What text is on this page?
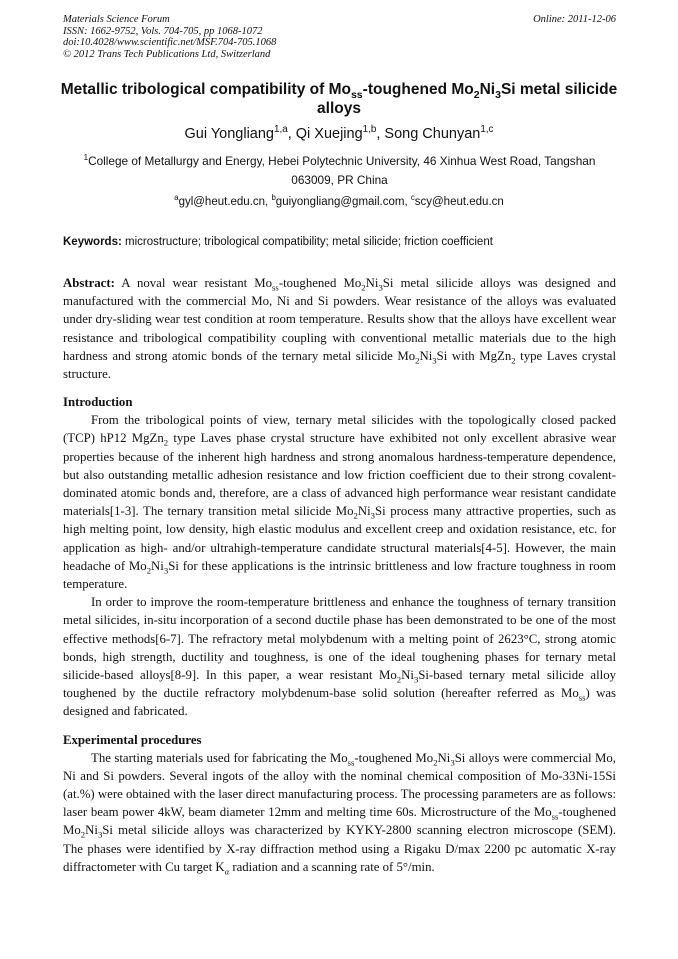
Materials Science Forum
ISSN: 1662-9752, Vols. 704-705, pp 1068-1072
doi:10.4028/www.scientific.net/MSF.704-705.1068
© 2012 Trans Tech Publications Ltd, Switzerland
Online: 2011-12-06
Metallic tribological compatibility of $Mo_{ss}$-toughened $Mo_2Ni_3Si$ metal silicide alloys
Gui Yongliang$^{1,a}$, Qi Xuejing$^{1,b}$, Song Chunyan$^{1,c}$
$^1$College of Metallurgy and Energy, Hebei Polytechnic University, 46 Xinhua West Road, Tangshan 063009, PR China
$^a$gyl@heut.edu.cn, $^b$guiyongliang@gmail.com, $^c$scy@heut.edu.cn
Keywords: microstructure; tribological compatibility; metal silicide; friction coefficient

Abstract: A noval wear resistant $Mo_{ss}$-toughened $Mo_2Ni_3Si$ metal silicide alloys was designed and manufactured with the commercial Mo, Ni and Si powders. Wear resistance of the alloys was evaluated under dry-sliding wear test condition at room temperature. Results show that the alloys have excellent wear resistance and tribological compatibility coupling with conventional metallic materials due to the high hardness and strong atomic bonds of the ternary metal silicide $Mo_2Ni_3Si$ with MgZn$_2$ type Laves crystal structure.

Introduction

From the tribological points of view, ternary metal silicides with the topologically closed packed (TCP) hP12 MgZn$_2$ type Laves phase crystal structure have exhibited not only excellent abrasive wear properties because of the inherent high hardness and strong anomalous hardness-temperature dependence, but also outstanding metallic adhesion resistance and low friction coefficient due to their strong covalent-dominated atomic bonds and, therefore, are a class of advanced high performance wear resistant candidate materials[1-3]. The ternary transition metal silicide $Mo_2Ni_3Si$ process many attractive properties, such as high melting point, low density, high elastic modulus and excellent creep and oxidation resistance, etc. for application as high- and/or ultrahigh-temperature candidate structural materials[4-5]. However, the main headache of $Mo_2Ni_3Si$ for these applications is the intrinsic brittleness and low fracture toughness in room temperature.

In order to improve the room-temperature brittleness and enhance the toughness of ternary transition metal silicides, in-situ incorporation of a second ductile phase has been demonstrated to be one of the most effective methods[6-7]. The refractory metal molybdenum with a melting point of 2623°C, strong atomic bonds, high strength, ductility and toughness, is one of the ideal toughening phases for ternary metal silicide-based alloys[8-9]. In this paper, a wear resistant $Mo_2Ni_3Si$-based ternary metal silicide alloy toughened by the ductile refractory molybdenum-base solid solution (hereafter referred as $Mo_{ss}$) was designed and fabricated.

Experimental procedures

The starting materials used for fabricating the $Mo_{ss}$-toughened $Mo_2Ni_3Si$ alloys were commercial Mo, Ni and Si powders. Several ingots of the alloy with the nominal chemical composition of Mo-33Ni-15Si (at.%) were obtained with the laser direct manufacturing process. The processing parameters are as follows: laser beam power 4kW, beam diameter 12mm and melting time 60s. Microstructure of the $Mo_{ss}$-toughened $Mo_2Ni_3Si$ metal silicide alloys was characterized by KYKY-2800 scanning electron microscope (SEM). The phases were identified by X-ray diffraction method using a Rigaku D/max 2200 pc automatic X-ray diffractometer with Cu target $K_\alpha$ radiation and a scanning rate of 5°/min.
